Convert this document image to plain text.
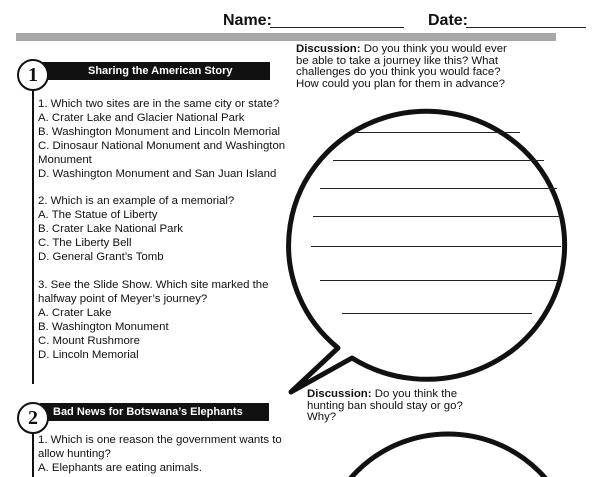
Name:	Date:
1	Sharing the American Story

1. Which two sites are in the same city or state?

A. Crater Lake and Glacier National Park

B. Washington Monument and Lincoln Memorial

C. Dinosaur National Monument and Washington Monument

D. Washington Monument and San Juan Island

2. Which is an example of a memorial?

A. The Statue of Liberty

B. Crater Lake National Park

C. The Liberty Bell

D. General Grant’s Tomb

3. See the Slide Show. Which site marked the halfway point of Meyer’s journey?

A. Crater Lake

B. Washington Monument

C. Mount Rushmore

D. Lincoln Memorial

Discussion: Do you think you would ever be able to take a journey like this? What challenges do you think you would face? How could you plan for them in advance?
2	Bad News for Botswana’s Elephants

1. Which is one reason the government wants to allow hunting?

A. Elephants are eating animals.

Discussion: Do you think the hunting ban should stay or go? Why?
